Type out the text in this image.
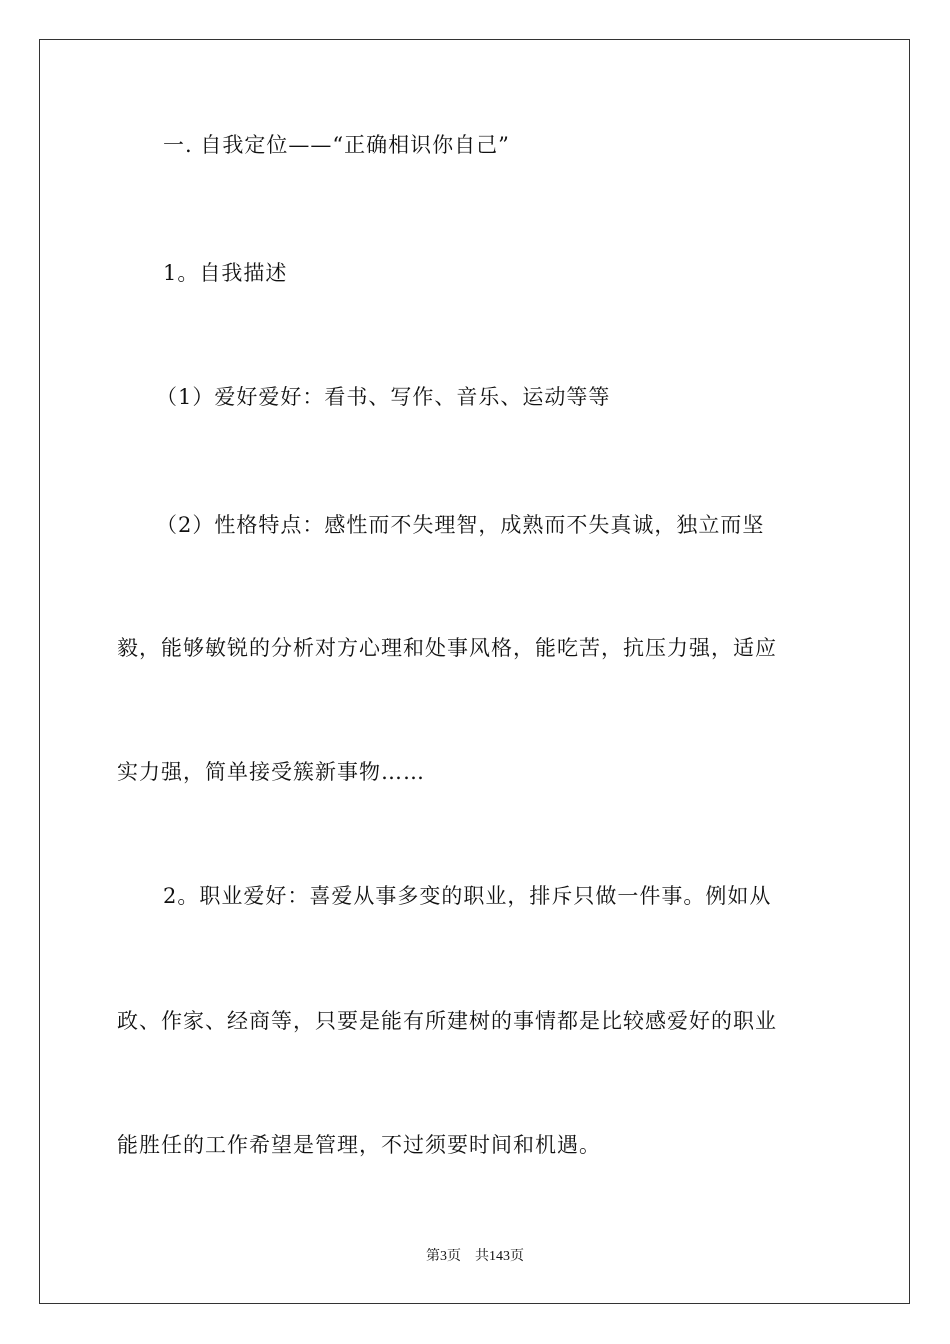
一. 自我定位——“正确相识你自己”
1。自我描述
（1）爱好爱好：看书、写作、音乐、运动等等
（2）性格特点：感性而不失理智，成熟而不失真诚，独立而坚
毅，能够敏锐的分析对方心理和处事风格，能吃苦，抗压力强，适应
实力强，简单接受簇新事物……
2。职业爱好：喜爱从事多变的职业，排斥只做一件事。例如从
政、作家、经商等，只要是能有所建树的事情都是比较感爱好的职业
能胜任的工作希望是管理，不过须要时间和机遇。
第3页 共143页
